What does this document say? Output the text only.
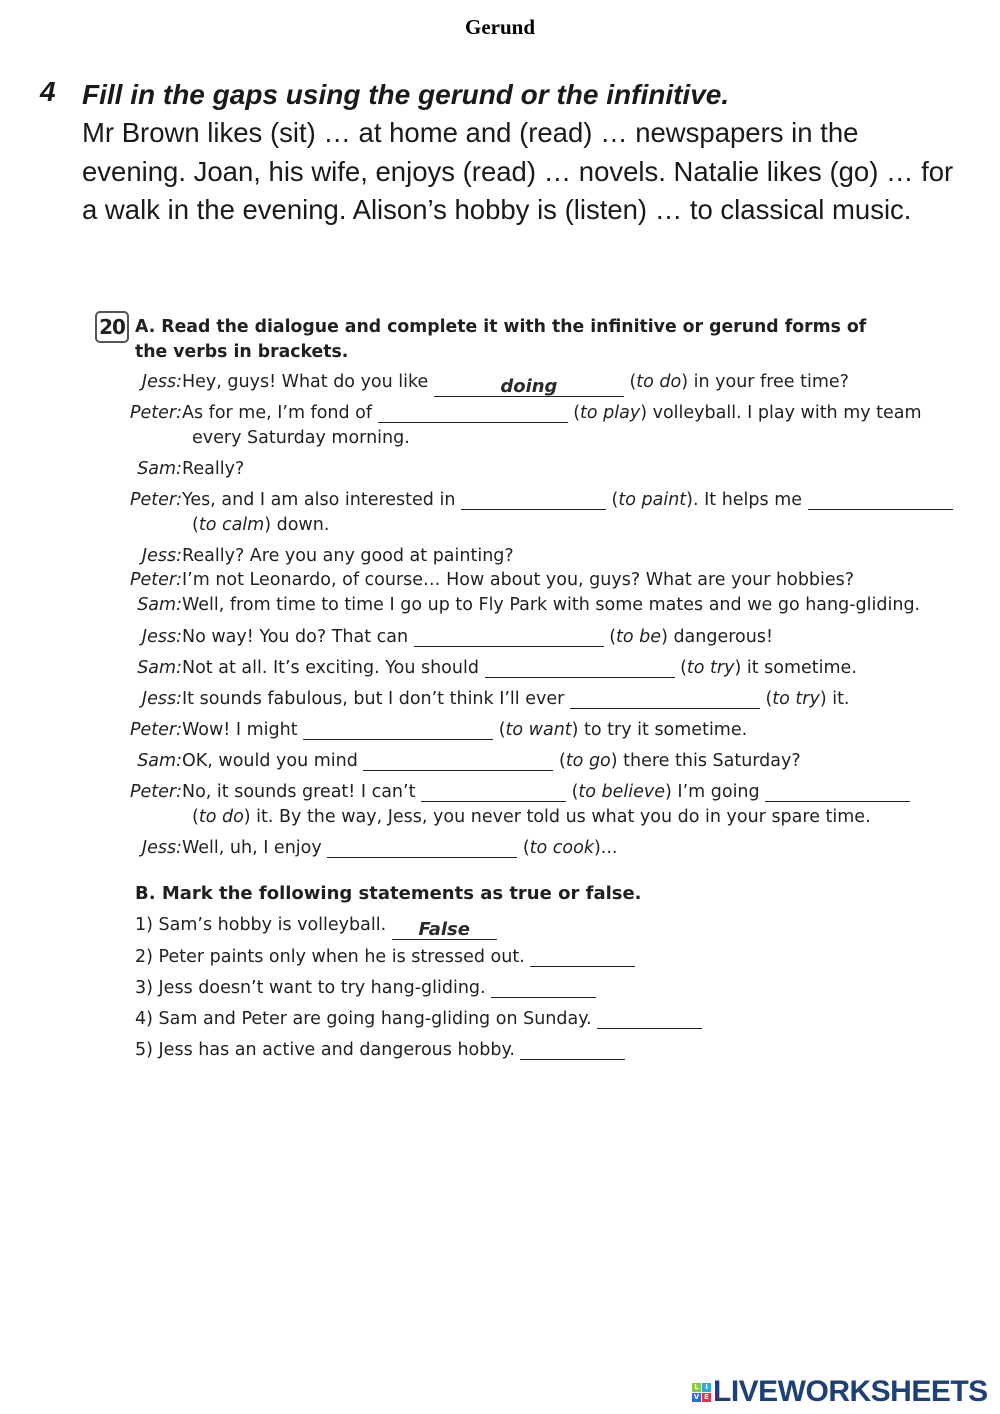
Gerund
4 Fill in the gaps using the gerund or the infinitive.
Mr Brown likes (sit) … at home and (read) … newspapers in the evening. Joan, his wife, enjoys (read) … novels. Natalie likes (go) … for a walk in the evening. Alison’s hobby is (listen) … to classical music.
20 A. Read the dialogue and complete it with the infinitive or gerund forms of the verbs in brackets.
Jess:Hey, guys! What do you like	doing	(to do) in your free time?
Peter:As for me, I’m fond of	(to play) volleyball. I play with my team
every Saturday morning.
Sam:Really?
Peter:Yes, and I am also interested in	(to paint). It helps me
(to calm) down.
Jess:Really? Are you any good at painting?
Peter:I’m not Leonardo, of course… How about you, guys? What are your hobbies?
Sam:Well, from time to time I go up to Fly Park with some mates and we go hang-gliding.
Jess:No way! You do? That can	(to be) dangerous!
Sam:Not at all. It’s exciting. You should	(to try) it sometime.
Jess:It sounds fabulous, but I don’t think I’ll ever	(to try) it.
Peter:Wow! I might	(to want) to try it sometime.
Sam:OK, would you mind	(to go) there this Saturday?
Peter:No, it sounds great! I can’t	(to believe) I’m going
(to do) it. By the way, Jess, you never told us what you do in your spare time.
Jess:Well, uh, I enjoy	(to cook)...
B. Mark the following statements as true or false.
1) Sam’s hobby is volleyball. False
2) Peter paints only when he is stressed out.
3) Jess doesn’t want to try hang-gliding.
4) Sam and Peter are going hang-gliding on Sunday.
5) Jess has an active and dangerous hobby.
L I
V E LIVEWORKSHEETS
